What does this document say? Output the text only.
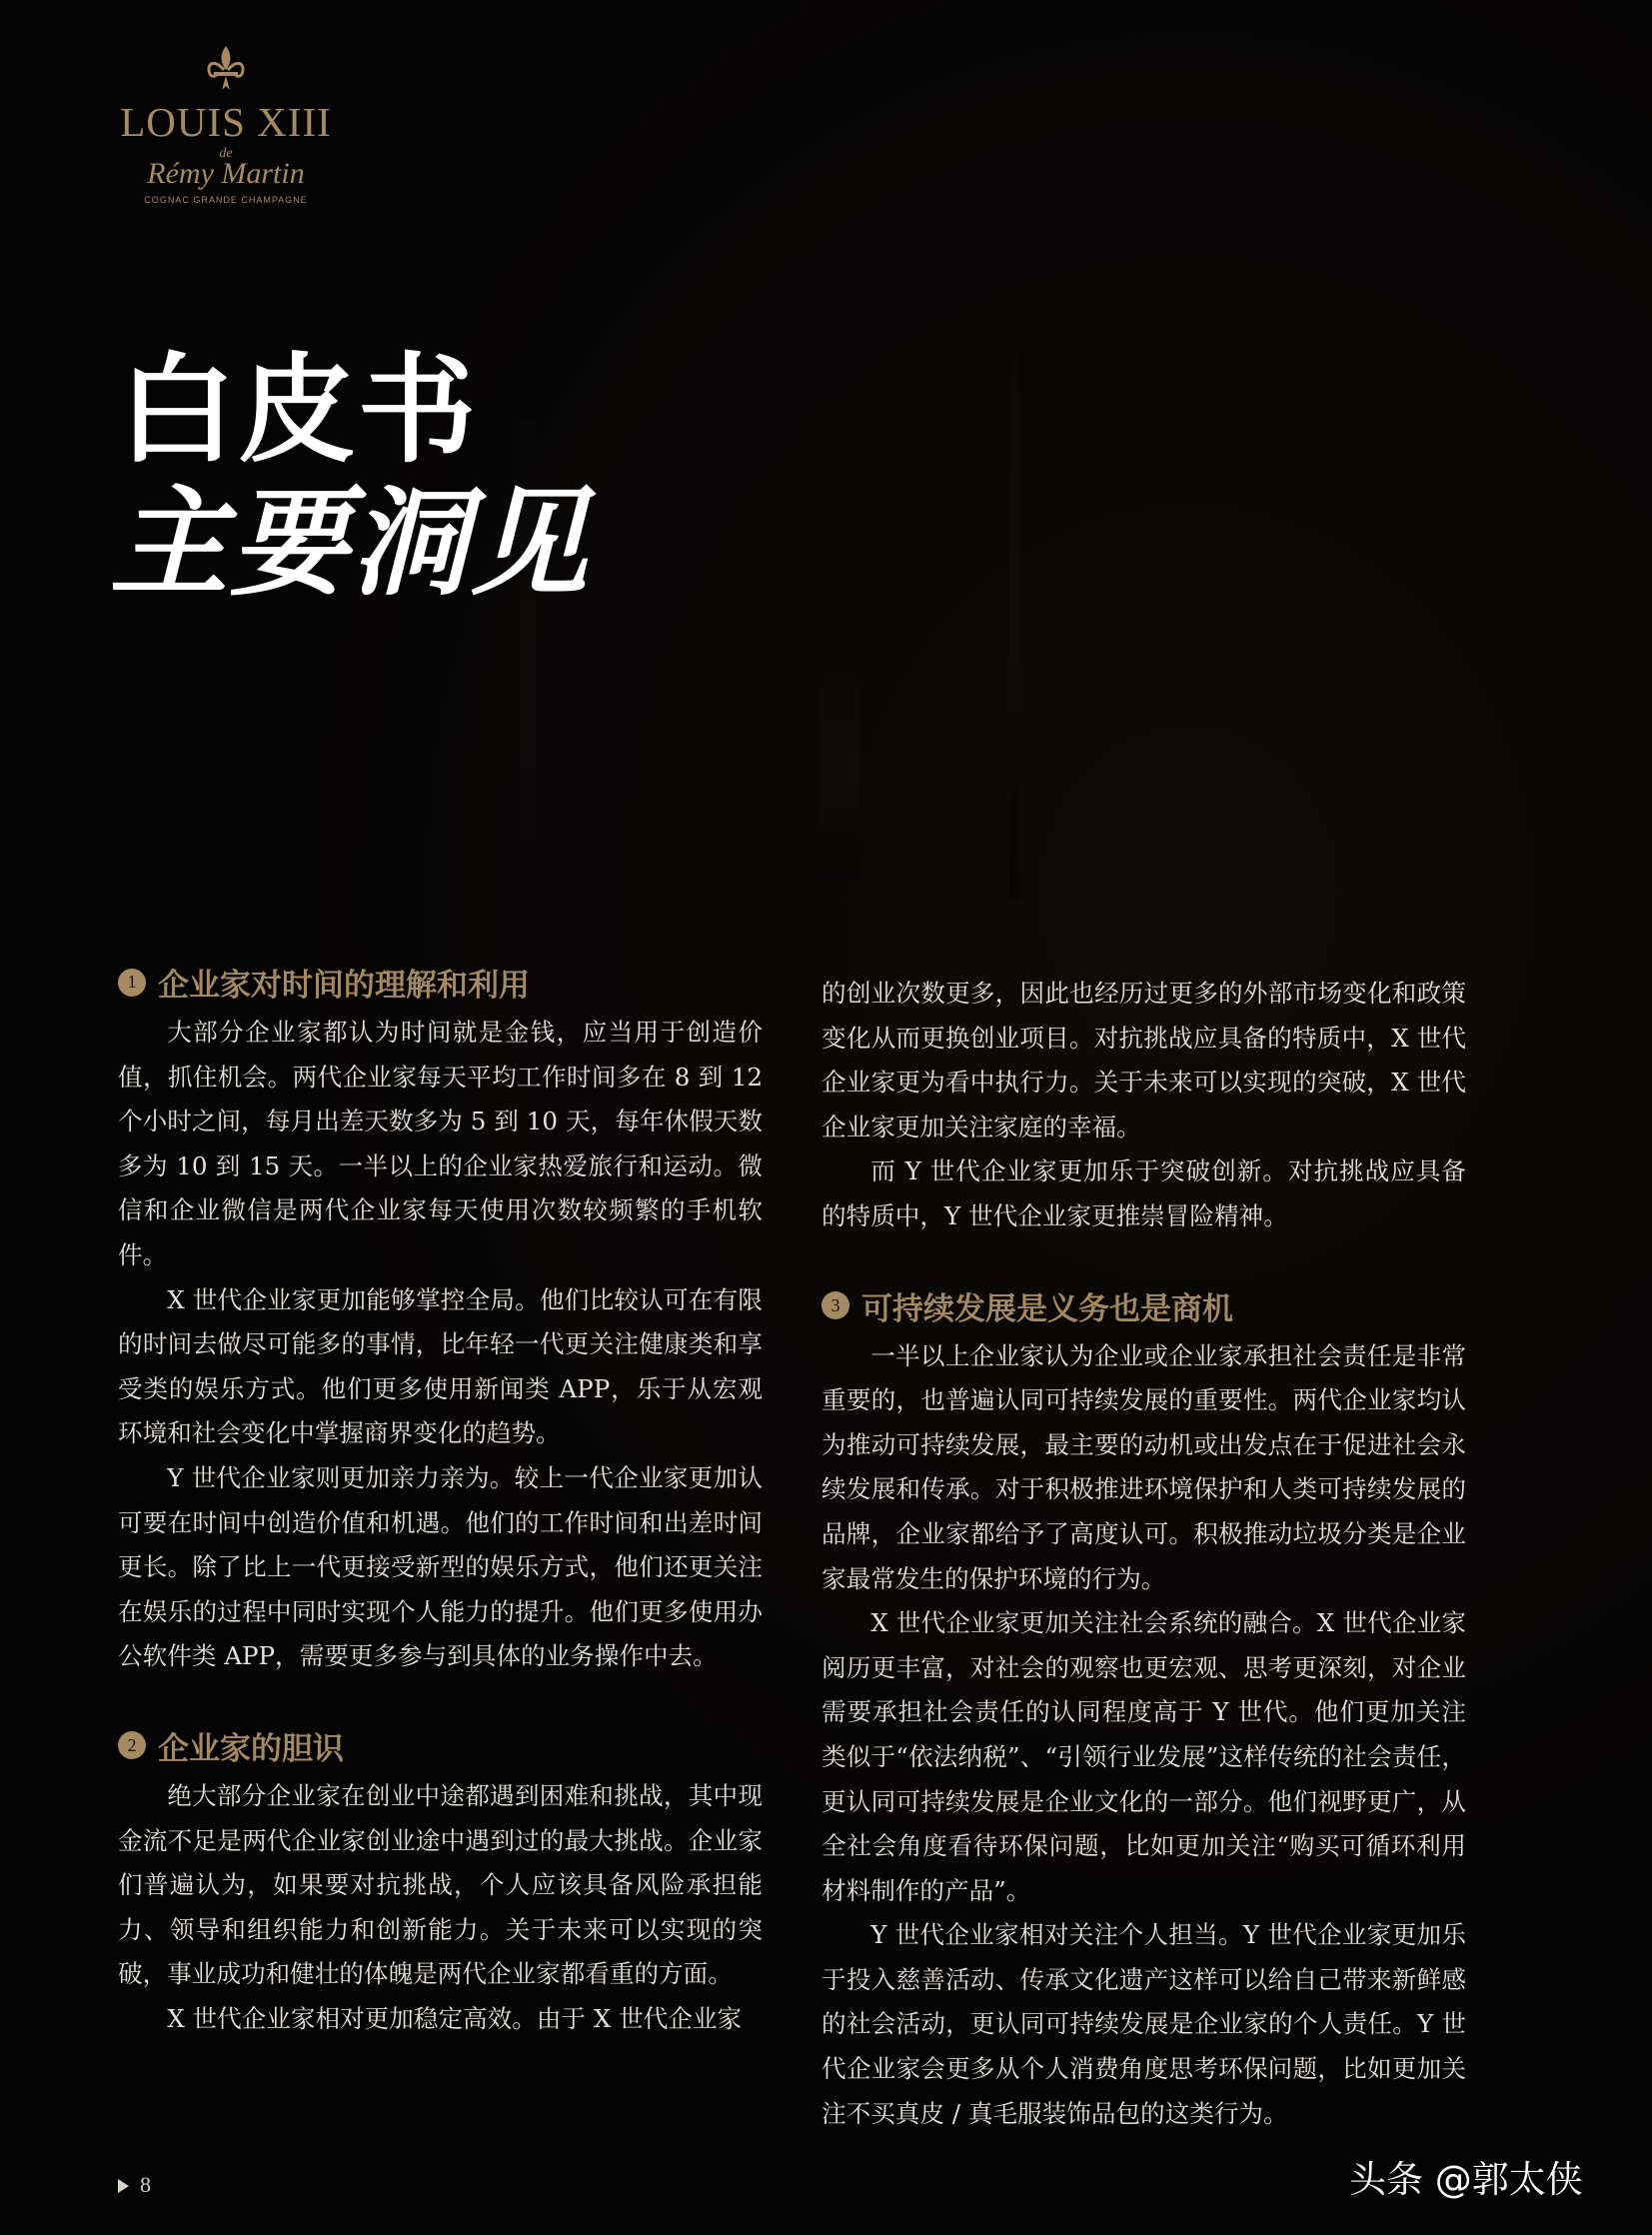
LOUIS XIII
de
Rémy Martin
COGNAC GRANDE CHAMPAGNE
白皮书
主要洞见
1 企业家对时间的理解和利用

大部分企业家都认为时间就是金钱，应当用于创造价值，抓住机会。两代企业家每天平均工作时间多在 8 到 12 个小时之间，每月出差天数多为 5 到 10 天，每年休假天数多为 10 到 15 天。一半以上的企业家热爱旅行和运动。微信和企业微信是两代企业家每天使用次数较频繁的手机软件。

X 世代企业家更加能够掌控全局。他们比较认可在有限的时间去做尽可能多的事情，比年轻一代更关注健康类和享受类的娱乐方式。他们更多使用新闻类 APP，乐于从宏观环境和社会变化中掌握商界变化的趋势。

Y 世代企业家则更加亲力亲为。较上一代企业家更加认可要在时间中创造价值和机遇。他们的工作时间和出差时间更长。除了比上一代更接受新型的娱乐方式，他们还更关注在娱乐的过程中同时实现个人能力的提升。他们更多使用办公软件类 APP，需要更多参与到具体的业务操作中去。

2 企业家的胆识

绝大部分企业家在创业中途都遇到困难和挑战，其中现金流不足是两代企业家创业途中遇到过的最大挑战。企业家们普遍认为，如果要对抗挑战，个人应该具备风险承担能力、领导和组织能力和创新能力。关于未来可以实现的突破，事业成功和健壮的体魄是两代企业家都看重的方面。

X 世代企业家相对更加稳定高效。由于 X 世代企业家

的创业次数更多，因此也经历过更多的外部市场变化和政策变化从而更换创业项目。对抗挑战应具备的特质中，X 世代企业家更为看中执行力。关于未来可以实现的突破，X 世代企业家更加关注家庭的幸福。

而 Y 世代企业家更加乐于突破创新。对抗挑战应具备的特质中，Y 世代企业家更推崇冒险精神。

3 可持续发展是义务也是商机

一半以上企业家认为企业或企业家承担社会责任是非常重要的，也普遍认同可持续发展的重要性。两代企业家均认为推动可持续发展，最主要的动机或出发点在于促进社会永续发展和传承。对于积极推进环境保护和人类可持续发展的品牌，企业家都给予了高度认可。积极推动垃圾分类是企业家最常发生的保护环境的行为。

X 世代企业家更加关注社会系统的融合。X 世代企业家阅历更丰富，对社会的观察也更宏观、思考更深刻，对企业需要承担社会责任的认同程度高于 Y 世代。他们更加关注类似于“依法纳税”、“引领行业发展”这样传统的社会责任，更认同可持续发展是企业文化的一部分。他们视野更广，从全社会角度看待环保问题，比如更加关注“购买可循环利用材料制作的产品”。

Y 世代企业家相对关注个人担当。Y 世代企业家更加乐于投入慈善活动、传承文化遗产这样可以给自己带来新鲜感的社会活动，更认同可持续发展是企业家的个人责任。Y 世代企业家会更多从个人消费角度思考环保问题，比如更加关注不买真皮 / 真毛服装饰品包的这类行为。

8	头条 @郭太侠
